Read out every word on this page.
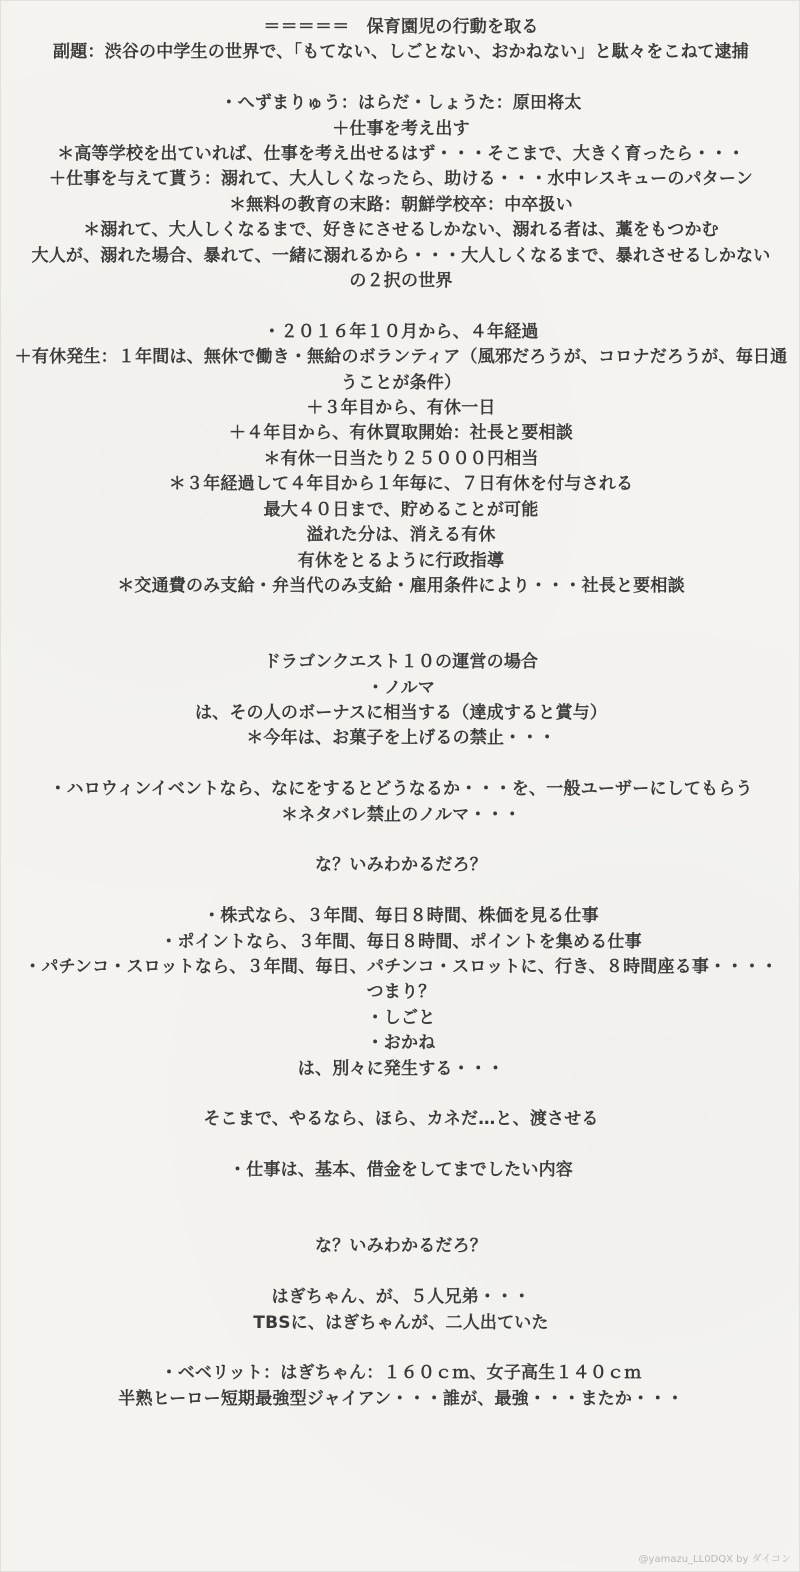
＝＝＝＝＝　保育園児の行動を取る
副題：渋谷の中学生の世界で、「もてない、しごとない、おかねない」と駄々をこねて逮捕
・へずまりゅう：はらだ・しょうた：原田将太
＋仕事を考え出す
＊高等学校を出ていれば、仕事を考え出せるはず・・・そこまで、大きく育ったら・・・
＋仕事を与えて貰う：溺れて、大人しくなったら、助ける・・・水中レスキューのパターン
＊無料の教育の末路：朝鮮学校卒：中卒扱い
＊溺れて、大人しくなるまで、好きにさせるしかない、溺れる者は、藁をもつかむ
大人が、溺れた場合、暴れて、一緒に溺れるから・・・大人しくなるまで、暴れさせるしかない
の２択の世界
・２０１６年１０月から、４年経過
＋有休発生：１年間は、無休で働き・無給のボランティア（風邪だろうが、コロナだろうが、毎日通うことが条件）
＋３年目から、有休一日
＋４年目から、有休買取開始：社長と要相談
＊有休一日当たり２５０００円相当
＊３年経過して４年目から１年毎に、７日有休を付与される
最大４０日まで、貯めることが可能
溢れた分は、消える有休
有休をとるように行政指導
＊交通費のみ支給・弁当代のみ支給・雇用条件により・・・社長と要相談
ドラゴンクエスト１０の運営の場合
・ノルマ
は、その人のボーナスに相当する（達成すると賞与）
＊今年は、お菓子を上げるの禁止・・・
・ハロウィンイベントなら、なにをするとどうなるか・・・を、一般ユーザーにしてもらう
＊ネタバレ禁止のノルマ・・・
な？いみわかるだろ？
・株式なら、３年間、毎日８時間、株価を見る仕事
・ポイントなら、３年間、毎日８時間、ポイントを集める仕事
・パチンコ・スロットなら、３年間、毎日、パチンコ・スロットに、行き、８時間座る事・・・・
つまり？
・しごと
・おかね
は、別々に発生する・・・
そこまで、やるなら、ほら、カネだ…と、渡させる
・仕事は、基本、借金をしてまでしたい内容
な？いみわかるだろ？
はぎちゃん、が、５人兄弟・・・
TBSに、はぎちゃんが、二人出ていた
・ベベリット：はぎちゃん：１６０ｃｍ、女子高生１４０ｃｍ
半熟ヒーロー短期最強型ジャイアン・・・誰が、最強・・・またか・・・
@yamazu_LL0DQX by ダイコン
